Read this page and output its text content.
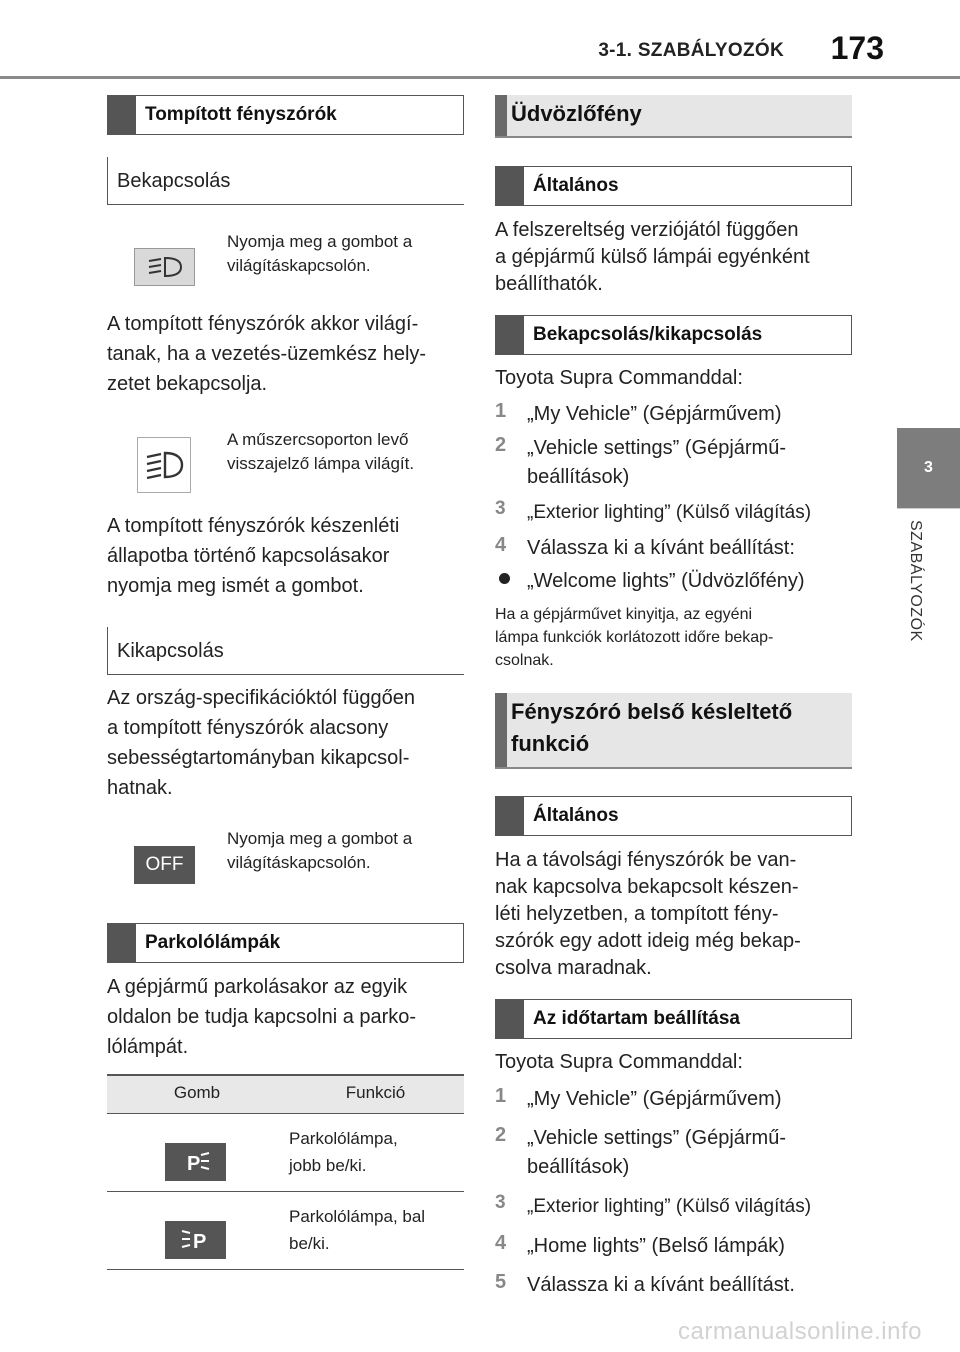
3-1. SZABÁLYOZÓK 173
3
SZABÁLYOZÓK
Tompított fényszórók
Bekapcsolás
Nyomja meg a gombot a világításkapcsolón.
A tompított fényszórók akkor világí-
tanak, ha a vezetés-üzemkész hely-
zetet bekapcsolja.
A műszercsoporton levő visszajelző lámpa világít.
A tompított fényszórók készenléti
állapotba történő kapcsolásakor
nyomja meg ismét a gombot.
Kikapcsolás
Az ország-specifikációktól függően
a tompított fényszórók alacsony
sebességtartományban kikapcsol-
hatnak.
OFF
Nyomja meg a gombot a világításkapcsolón.
Parkolólámpák
A gépjármű parkolásakor az egyik
oldalon be tudja kapcsolni a parko-
lólámpát.
Gomb	Funkció
P
Parkolólámpa,
jobb be/ki.
P
Parkolólámpa, bal
be/ki.
Üdvözlőfény
Általános
A felszereltség verziójától függően
a gépjármű külső lámpái egyénként
beállíthatók.
Bekapcsolás/kikapcsolás
Toyota Supra Commanddal:
1 „My Vehicle” (Gépjárművem)
2 „Vehicle settings” (Gépjármű-
beállítások)
3 „Exterior lighting” (Külső világítás)
4 Válassza ki a kívánt beállítást:
„Welcome lights” (Üdvözlőfény)
Ha a gépjárművet kinyitja, az egyéni
lámpa funkciók korlátozott időre bekap-
csolnak.
Fényszóró belső késleltető
funkció
Általános
Ha a távolsági fényszórók be van-
nak kapcsolva bekapcsolt készen-
léti helyzetben, a tompított fény-
szórók egy adott ideig még bekap-
csolva maradnak.
Az időtartam beállítása
Toyota Supra Commanddal:
1 „My Vehicle” (Gépjárművem)
2 „Vehicle settings” (Gépjármű-
beállítások)
3 „Exterior lighting” (Külső világítás)
4 „Home lights” (Belső lámpák)
5 Válassza ki a kívánt beállítást.
carmanualsonline.info
